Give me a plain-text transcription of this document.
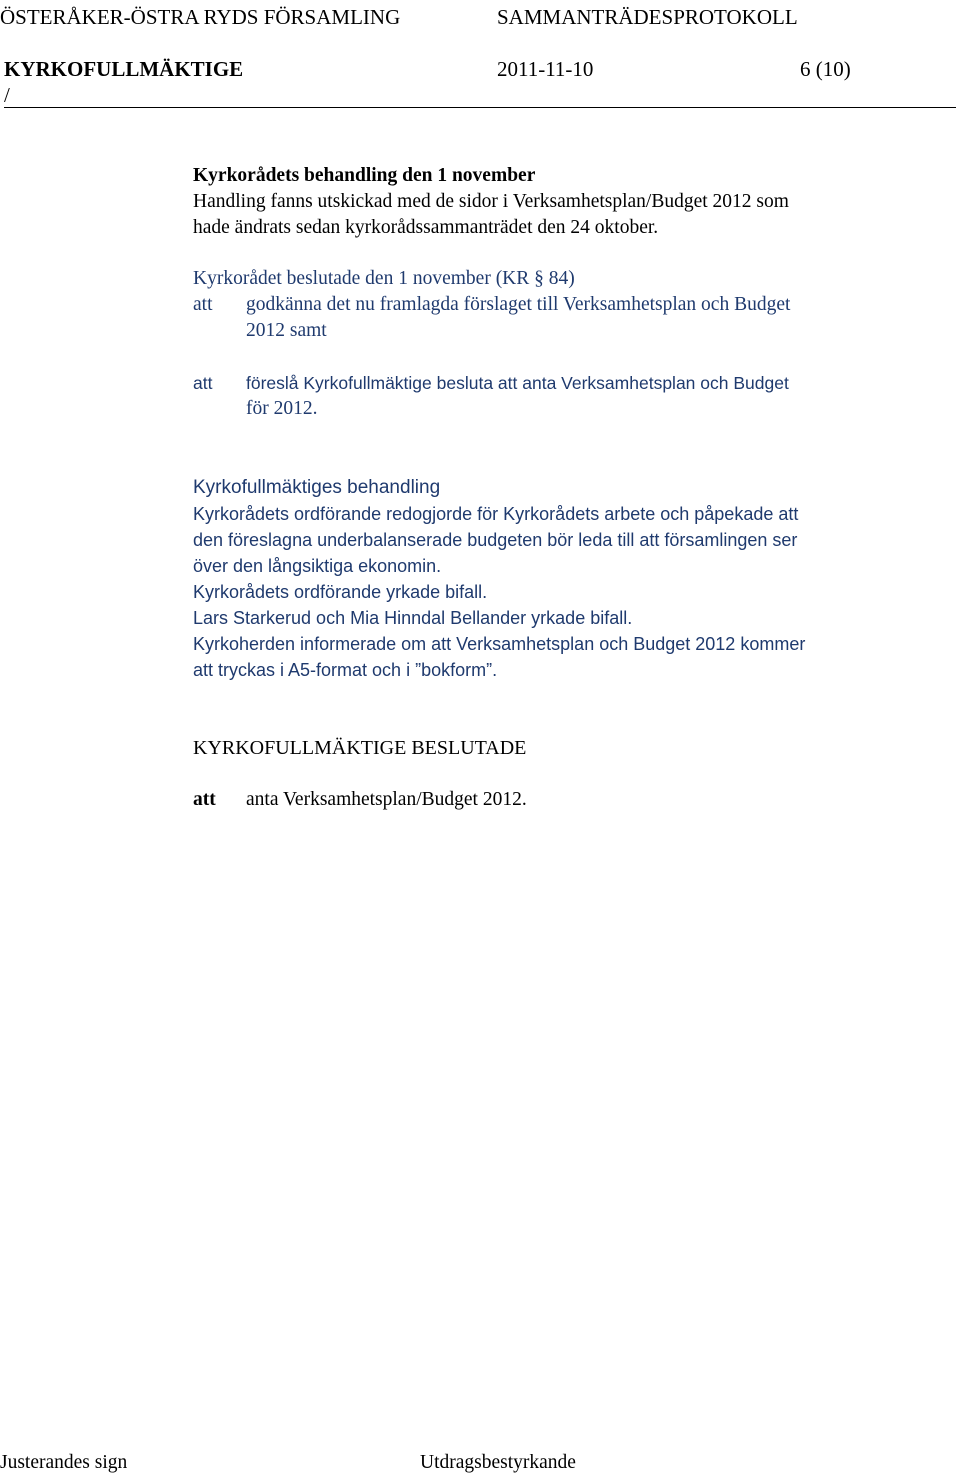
ÖSTERÅKER-ÖSTRA RYDS FÖRSAMLING	SAMMANTRÄDESPROTOKOLL
KYRKOFULLMÄKTIGE	2011-11-10	6 (10)
/
Kyrkorådets behandling den 1 november
Handling fanns utskickad med de sidor i Verksamhetsplan/Budget 2012 som
hade ändrats sedan kyrkorådssammanträdet den 24 oktober.
Kyrkorådet beslutade den 1 november (KR § 84)
att godkänna det nu framlagda förslaget till Verksamhetsplan och Budget
2012 samt
att föreslå Kyrkofullmäktige besluta att anta Verksamhetsplan och Budget
för 2012.
Kyrkofullmäktiges behandling
Kyrkorådets ordförande redogjorde för Kyrkorådets arbete och påpekade att
den föreslagna underbalanserade budgeten bör leda till att församlingen ser
över den långsiktiga ekonomin.
Kyrkorådets ordförande yrkade bifall.
Lars Starkerud och Mia Hinndal Bellander yrkade bifall.
Kyrkoherden informerade om att Verksamhetsplan och Budget 2012 kommer
att tryckas i A5-format och i ”bokform”.
KYRKOFULLMÄKTIGE BESLUTADE
att anta Verksamhetsplan/Budget 2012.
Justerandes sign	Utdragsbestyrkande
